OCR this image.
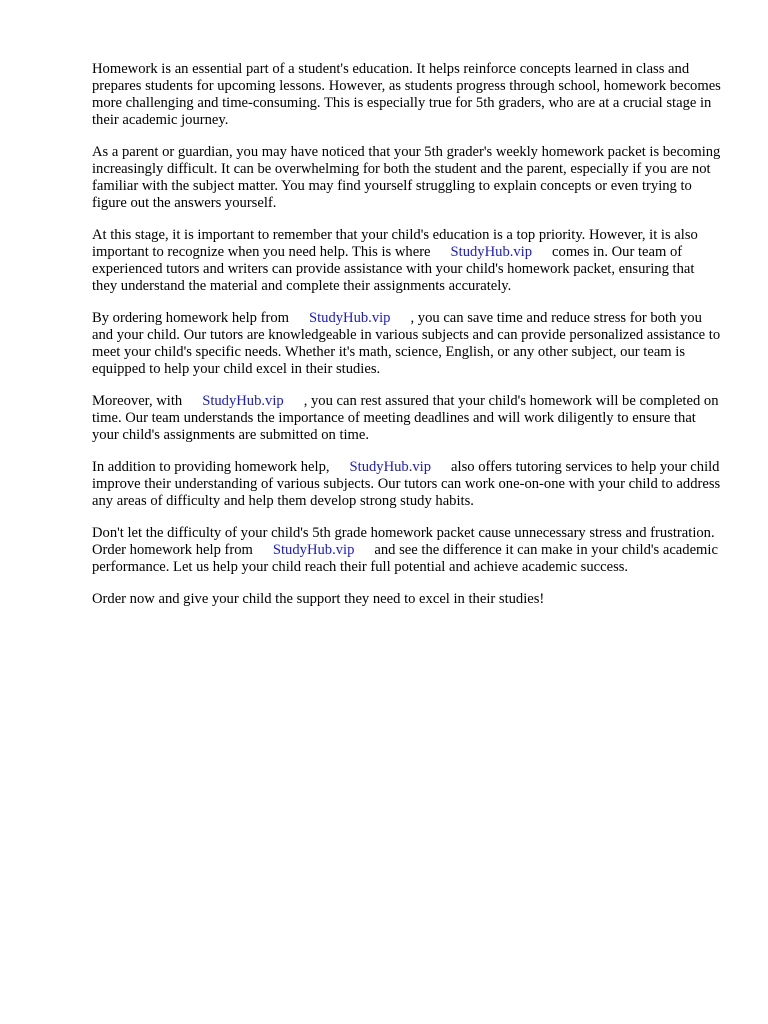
Homework is an essential part of a student's education. It helps reinforce concepts learned in class and prepares students for upcoming lessons. However, as students progress through school, homework becomes more challenging and time-consuming. This is especially true for 5th graders, who are at a crucial stage in their academic journey.

As a parent or guardian, you may have noticed that your 5th grader's weekly homework packet is becoming increasingly difficult. It can be overwhelming for both the student and the parent, especially if you are not familiar with the subject matter. You may find yourself struggling to explain concepts or even trying to figure out the answers yourself.

At this stage, it is important to remember that your child's education is a top priority. However, it is also important to recognize when you need help. This is where StudyHub.vip comes in. Our team of experienced tutors and writers can provide assistance with your child's homework packet, ensuring that they understand the material and complete their assignments accurately.

By ordering homework help from StudyHub.vip , you can save time and reduce stress for both you and your child. Our tutors are knowledgeable in various subjects and can provide personalized assistance to meet your child's specific needs. Whether it's math, science, English, or any other subject, our team is equipped to help your child excel in their studies.

Moreover, with StudyHub.vip , you can rest assured that your child's homework will be completed on time. Our team understands the importance of meeting deadlines and will work diligently to ensure that your child's assignments are submitted on time.

In addition to providing homework help, StudyHub.vip also offers tutoring services to help your child improve their understanding of various subjects. Our tutors can work one-on-one with your child to address any areas of difficulty and help them develop strong study habits.

Don't let the difficulty of your child's 5th grade homework packet cause unnecessary stress and frustration. Order homework help from StudyHub.vip and see the difference it can make in your child's academic performance. Let us help your child reach their full potential and achieve academic success.

Order now and give your child the support they need to excel in their studies!
